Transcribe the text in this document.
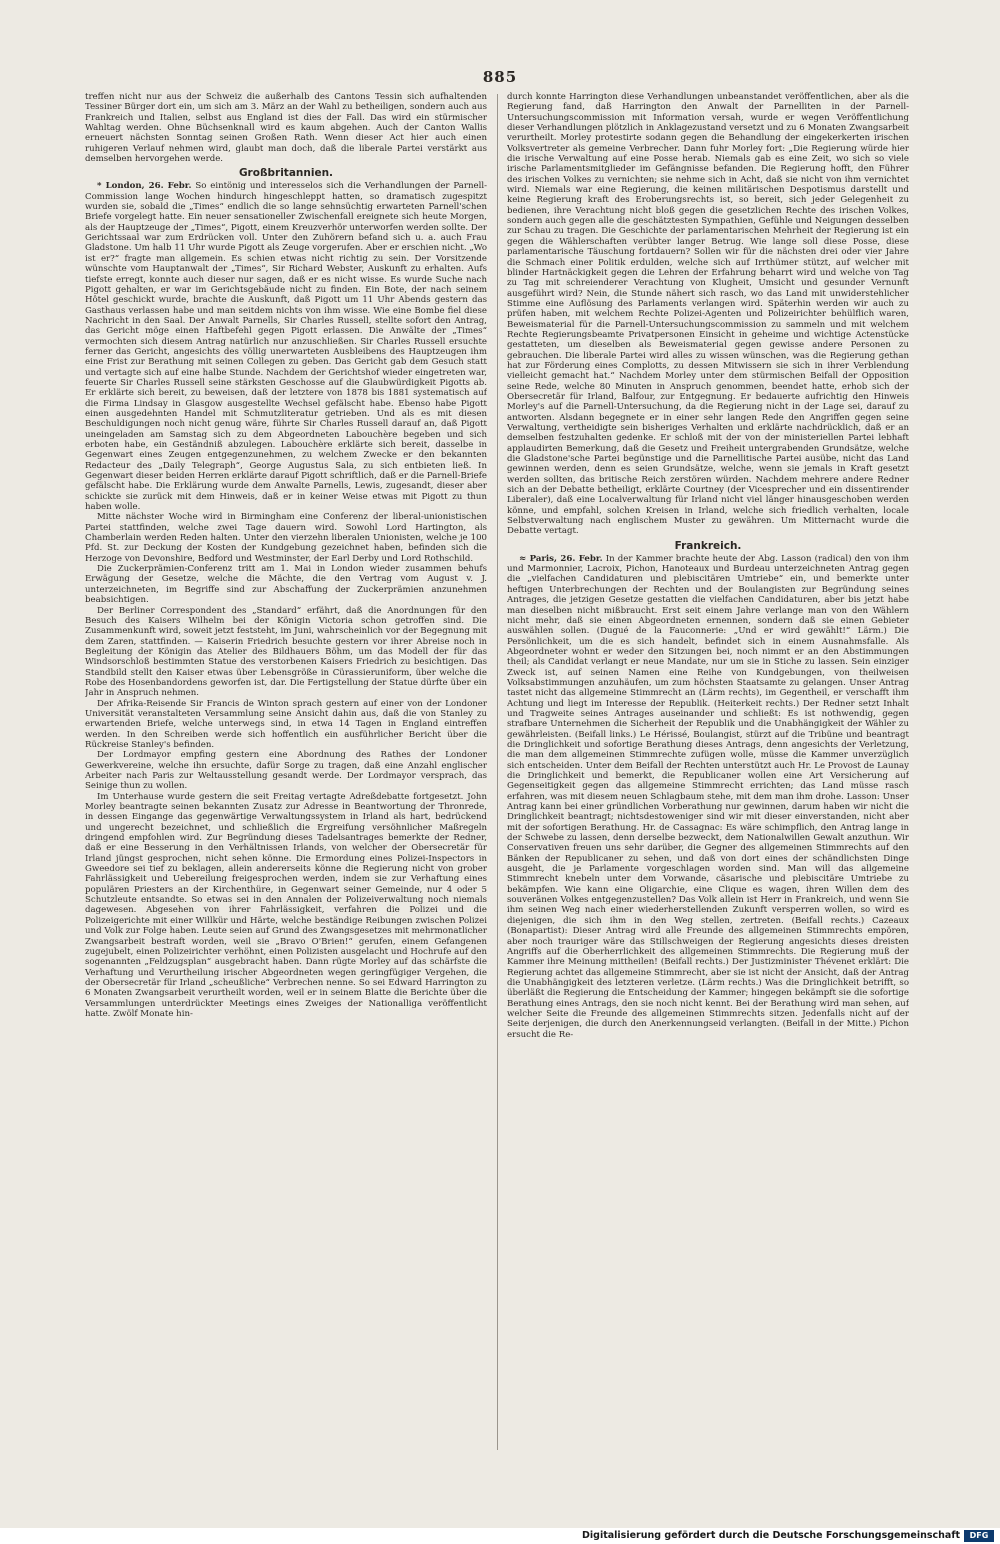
885

treffen nicht nur aus der Schweiz die außerhalb des Cantons Tessin sich aufhaltenden Tessiner Bürger dort ein, um sich am 3. März an der Wahl zu betheiligen, sondern auch aus Frankreich und Italien, selbst aus England ist dies der Fall. Das wird ein stürmischer Wahltag werden. Ohne Büchsenknall wird es kaum abgehen. Auch der Canton Wallis erneuert nächsten Sonntag seinen Großen Rath. Wenn dieser Act hier auch einen ruhigeren Verlauf nehmen wird, glaubt man doch, daß die liberale Partei verstärkt aus demselben hervorgehen werde.

Großbritannien.

* London, 26. Febr. So eintönig und interesselos sich die Verhandlungen der Parnell-Commission lange Wochen hindurch hingeschleppt hatten, so dramatisch zugespitzt wurden sie, sobald die „Times“ endlich die so lange sehnsüchtig erwarteten Parnell'schen Briefe vorgelegt hatte. Ein neuer sensationeller Zwischenfall ereignete sich heute Morgen, als der Hauptzeuge der „Times“, Pigott, einem Kreuzverhör unterworfen werden sollte. Der Gerichtssaal war zum Erdrücken voll. Unter den Zuhörern befand sich u. a. auch Frau Gladstone. Um halb 11 Uhr wurde Pigott als Zeuge vorgerufen. Aber er erschien nicht. „Wo ist er?“ fragte man allgemein. Es schien etwas nicht richtig zu sein. Der Vorsitzende wünschte vom Hauptanwalt der „Times“, Sir Richard Webster, Auskunft zu erhalten. Aufs tiefste erregt, konnte auch dieser nur sagen, daß er es nicht wisse. Es wurde Suche nach Pigott gehalten, er war im Gerichtsgebäude nicht zu finden. Ein Bote, der nach seinem Hôtel geschickt wurde, brachte die Auskunft, daß Pigott um 11 Uhr Abends gestern das Gasthaus verlassen habe und man seitdem nichts von ihm wisse. Wie eine Bombe fiel diese Nachricht in den Saal. Der Anwalt Parnells, Sir Charles Russell, stellte sofort den Antrag, das Gericht möge einen Haftbefehl gegen Pigott erlassen. Die Anwälte der „Times“ vermochten sich diesem Antrag natürlich nur anzuschließen. Sir Charles Russell ersuchte ferner das Gericht, angesichts des völlig unerwarteten Ausbleibens des Hauptzeugen ihm eine Frist zur Berathung mit seinen Collegen zu geben. Das Gericht gab dem Gesuch statt und vertagte sich auf eine halbe Stunde. Nachdem der Gerichtshof wieder eingetreten war, feuerte Sir Charles Russell seine stärksten Geschosse auf die Glaubwürdigkeit Pigotts ab. Er erklärte sich bereit, zu beweisen, daß der letztere von 1878 bis 1881 systematisch auf die Firma Lindsay in Glasgow ausgestellte Wechsel gefälscht habe. Ebenso habe Pigott einen ausgedehnten Handel mit Schmutzliteratur getrieben. Und als es mit diesen Beschuldigungen noch nicht genug wäre, führte Sir Charles Russell darauf an, daß Pigott uneingeladen am Samstag sich zu dem Abgeordneten Labouchère begeben und sich erboten habe, ein Geständniß abzulegen. Labouchère erklärte sich bereit, dasselbe in Gegenwart eines Zeugen entgegenzunehmen, zu welchem Zwecke er den bekannten Redacteur des „Daily Telegraph“, George Augustus Sala, zu sich entbieten ließ. In Gegenwart dieser beiden Herren erklärte darauf Pigott schriftlich, daß er die Parnell-Briefe gefälscht habe. Die Erklärung wurde dem Anwalte Parnells, Lewis, zugesandt, dieser aber schickte sie zurück mit dem Hinweis, daß er in keiner Weise etwas mit Pigott zu thun haben wolle.

Mitte nächster Woche wird in Birmingham eine Conferenz der liberal-unionistischen Partei stattfinden, welche zwei Tage dauern wird. Sowohl Lord Hartington, als Chamberlain werden Reden halten. Unter den vierzehn liberalen Unionisten, welche je 100 Pfd. St. zur Deckung der Kosten der Kundgebung gezeichnet haben, befinden sich die Herzoge von Devonshire, Bedford und Westminster, der Earl Derby und Lord Rothschild.

Die Zuckerprämien-Conferenz tritt am 1. Mai in London wieder zusammen behufs Erwägung der Gesetze, welche die Mächte, die den Vertrag vom August v. J. unterzeichneten, im Begriffe sind zur Abschaffung der Zuckerprämien anzunehmen beabsichtigen.

Der Berliner Correspondent des „Standard“ erfährt, daß die Anordnungen für den Besuch des Kaisers Wilhelm bei der Königin Victoria schon getroffen sind. Die Zusammenkunft wird, soweit jetzt feststeht, im Juni, wahrscheinlich vor der Begegnung mit dem Zaren, stattfinden. — Kaiserin Friedrich besuchte gestern vor ihrer Abreise noch in Begleitung der Königin das Atelier des Bildhauers Böhm, um das Modell der für das Windsorschloß bestimmten Statue des verstorbenen Kaisers Friedrich zu besichtigen. Das Standbild stellt den Kaiser etwas über Lebensgröße in Cürassieruniform, über welche die Robe des Hosenbandordens geworfen ist, dar. Die Fertigstellung der Statue dürfte über ein Jahr in Anspruch nehmen.

Der Afrika-Reisende Sir Francis de Winton sprach gestern auf einer von der Londoner Universität veranstalteten Versammlung seine Ansicht dahin aus, daß die von Stanley zu erwartenden Briefe, welche unterwegs sind, in etwa 14 Tagen in England eintreffen werden. In den Schreiben werde sich hoffentlich ein ausführlicher Bericht über die Rückreise Stanley's befinden.

Der Lordmayor empfing gestern eine Abordnung des Rathes der Londoner Gewerkvereine, welche ihn ersuchte, dafür Sorge zu tragen, daß eine Anzahl englischer Arbeiter nach Paris zur Weltausstellung gesandt werde. Der Lordmayor versprach, das Seinige thun zu wollen.

Im Unterhause wurde gestern die seit Freitag vertagte Adreßdebatte fortgesetzt. John Morley beantragte seinen bekannten Zusatz zur Adresse in Beantwortung der Thronrede, in dessen Eingange das gegenwärtige Verwaltungssystem in Irland als hart, bedrückend und ungerecht bezeichnet, und schließlich die Ergreifung versöhnlicher Maßregeln dringend empfohlen wird. Zur Begründung dieses Tadelsantrages bemerkte der Redner, daß er eine Besserung in den Verhältnissen Irlands, von welcher der Obersecretär für Irland jüngst gesprochen, nicht sehen könne. Die Ermordung eines Polizei-Inspectors in Gweedore sei tief zu beklagen, allein andererseits könne die Regierung nicht von grober Fahrlässigkeit und Uebereilung freigesprochen werden, indem sie zur Verhaftung eines populären Priesters an der Kirchenthüre, in Gegenwart seiner Gemeinde, nur 4 oder 5 Schutzleute entsandte. So etwas sei in den Annalen der Polizeiverwaltung noch niemals dagewesen. Abgesehen von ihrer Fahrlässigkeit, verfahren die Polizei und die Polizeigerichte mit einer Willkür und Härte, welche beständige Reibungen zwischen Polizei und Volk zur Folge haben. Leute seien auf Grund des Zwangsgesetzes mit mehrmonatlicher Zwangsarbeit bestraft worden, weil sie „Bravo O'Brien!“ gerufen, einem Gefangenen zugejubelt, einen Polizeirichter verhöhnt, einen Polizisten ausgelacht und Hochrufe auf den sogenannten „Feldzugsplan“ ausgebracht haben. Dann rügte Morley auf das schärfste die Verhaftung und Verurtheilung irischer Abgeordneten wegen geringfügiger Vergehen, die der Obersecretär für Irland „scheußliche“ Verbrechen nenne. So sei Edward Harrington zu 6 Monaten Zwangsarbeit verurtheilt worden, weil er in seinem Blatte die Berichte über die Versammlungen unterdrückter Meetings eines Zweiges der Nationalliga veröffentlicht hatte. Zwölf Monate hin-

durch konnte Harrington diese Verhandlungen unbeanstandet veröffentlichen, aber als die Regierung fand, daß Harrington den Anwalt der Parnelliten in der Parnell-Untersuchungscommission mit Information versah, wurde er wegen Veröffentlichung dieser Verhandlungen plötzlich in Anklagezustand versetzt und zu 6 Monaten Zwangsarbeit verurtheilt. Morley protestirte sodann gegen die Behandlung der eingekerkerten irischen Volksvertreter als gemeine Verbrecher. Dann fuhr Morley fort: „Die Regierung würde hier die irische Verwaltung auf eine Posse herab. Niemals gab es eine Zeit, wo sich so viele irische Parlamentsmitglieder im Gefängnisse befanden. Die Regierung hofft, den Führer des irischen Volkes zu vernichten; sie nehme sich in Acht, daß sie nicht von ihm vernichtet wird. Niemals war eine Regierung, die keinen militärischen Despotismus darstellt und keine Regierung kraft des Eroberungsrechts ist, so bereit, sich jeder Gelegenheit zu bedienen, ihre Verachtung nicht bloß gegen die gesetzlichen Rechte des irischen Volkes, sondern auch gegen alle die geschätztesten Sympathien, Gefühle und Neigungen desselben zur Schau zu tragen. Die Geschichte der parlamentarischen Mehrheit der Regierung ist ein gegen die Wählerschaften verübter langer Betrug. Wie lange soll diese Posse, diese parlamentarische Täuschung fortdauern? Sollen wir für die nächsten drei oder vier Jahre die Schmach einer Politik erdulden, welche sich auf Irrthümer stützt, auf welcher mit blinder Hartnäckigkeit gegen die Lehren der Erfahrung beharrt wird und welche von Tag zu Tag mit schreienderer Verachtung von Klugheit, Umsicht und gesunder Vernunft ausgeführt wird? Nein, die Stunde nähert sich rasch, wo das Land mit unwiderstehlicher Stimme eine Auflösung des Parlaments verlangen wird. Späterhin werden wir auch zu prüfen haben, mit welchem Rechte Polizei-Agenten und Polizeirichter behülflich waren, Beweismaterial für die Parnell-Untersuchungscommission zu sammeln und mit welchem Rechte Regierungsbeamte Privatpersonen Einsicht in geheime und wichtige Actenstücke gestatteten, um dieselben als Beweismaterial gegen gewisse andere Personen zu gebrauchen. Die liberale Partei wird alles zu wissen wünschen, was die Regierung gethan hat zur Förderung eines Complotts, zu dessen Mitwissern sie sich in ihrer Verblendung vielleicht gemacht hat.“ Nachdem Morley unter dem stürmischen Beifall der Opposition seine Rede, welche 80 Minuten in Anspruch genommen, beendet hatte, erhob sich der Obersecretär für Irland, Balfour, zur Entgegnung. Er bedauerte aufrichtig den Hinweis Morley's auf die Parnell-Untersuchung, da die Regierung nicht in der Lage sei, darauf zu antworten. Alsdann begegnete er in einer sehr langen Rede den Angriffen gegen seine Verwaltung, vertheidigte sein bisheriges Verhalten und erklärte nachdrücklich, daß er an demselben festzuhalten gedenke. Er schloß mit der von der ministeriellen Partei lebhaft applaudirten Bemerkung, daß die Gesetz und Freiheit untergrabenden Grundsätze, welche die Gladstone'sche Partei begünstige und die Parnellitische Partei ausübe, nicht das Land gewinnen werden, denn es seien Grundsätze, welche, wenn sie jemals in Kraft gesetzt werden sollten, das britische Reich zerstören würden. Nachdem mehrere andere Redner sich an der Debatte betheiligt, erklärte Courtney (der Vicesprecher und ein dissentirender Liberaler), daß eine Localverwaltung für Irland nicht viel länger hinausgeschoben werden könne, und empfahl, solchen Kreisen in Irland, welche sich friedlich verhalten, locale Selbstverwaltung nach englischem Muster zu gewähren. Um Mitternacht wurde die Debatte vertagt.

Frankreich.

≈ Paris, 26. Febr. In der Kammer brachte heute der Abg. Lasson (radical) den von ihm und Marmonnier, Lacroix, Pichon, Hanoteaux und Burdeau unterzeichneten Antrag gegen die „vielfachen Candidaturen und plebiscitären Umtriebe“ ein, und bemerkte unter heftigen Unterbrechungen der Rechten und der Boulangisten zur Begründung seines Antrages, die jetzigen Gesetze gestatten die vielfachen Candidaturen, aber bis jetzt habe man dieselben nicht mißbraucht. Erst seit einem Jahre verlange man von den Wählern nicht mehr, daß sie einen Abgeordneten ernennen, sondern daß sie einen Gebieter auswählen sollen. (Dugué de la Fauconnerie: „Und er wird gewählt!“ Lärm.) Die Persönlichkeit, um die es sich handelt, befindet sich in einem Ausnahmsfalle. Als Abgeordneter wohnt er weder den Sitzungen bei, noch nimmt er an den Abstimmungen theil; als Candidat verlangt er neue Mandate, nur um sie in Stiche zu lassen. Sein einziger Zweck ist, auf seinen Namen eine Reihe von Kundgebungen, von theilweisen Volksabstimmungen anzuhäufen, um zum höchsten Staatsamte zu gelangen. Unser Antrag tastet nicht das allgemeine Stimmrecht an (Lärm rechts), im Gegentheil, er verschafft ihm Achtung und liegt im Interesse der Republik. (Heiterkeit rechts.) Der Redner setzt Inhalt und Tragweite seines Antrages auseinander und schließt: Es ist nothwendig, gegen strafbare Unternehmen die Sicherheit der Republik und die Unabhängigkeit der Wähler zu gewährleisten. (Beifall links.) Le Hérissé, Boulangist, stürzt auf die Tribüne und beantragt die Dringlichkeit und sofortige Berathung dieses Antrags, denn angesichts der Verletzung, die man dem allgemeinen Stimmrechte zufügen wolle, müsse die Kammer unverzüglich sich entscheiden. Unter dem Beifall der Rechten unterstützt auch Hr. Le Provost de Launay die Dringlichkeit und bemerkt, die Republicaner wollen eine Art Versicherung auf Gegenseitigkeit gegen das allgemeine Stimmrecht errichten; das Land müsse rasch erfahren, was mit diesem neuen Schlagbaum stehe, mit dem man ihm drohe. Lasson: Unser Antrag kann bei einer gründlichen Vorberathung nur gewinnen, darum haben wir nicht die Dringlichkeit beantragt; nichtsdestoweniger sind wir mit dieser einverstanden, nicht aber mit der sofortigen Berathung. Hr. de Cassagnac: Es wäre schimpflich, den Antrag lange in der Schwebe zu lassen, denn derselbe bezweckt, dem Nationalwillen Gewalt anzuthun. Wir Conservativen freuen uns sehr darüber, die Gegner des allgemeinen Stimmrechts auf den Bänken der Republicaner zu sehen, und daß von dort eines der schändlichsten Dinge ausgeht, die je Parlamente vorgeschlagen worden sind. Man will das allgemeine Stimmrecht knebeln unter dem Vorwande, cäsarische und plebiscitäre Umtriebe zu bekämpfen. Wie kann eine Oligarchie, eine Clique es wagen, ihren Willen dem des souveränen Volkes entgegenzustellen? Das Volk allein ist Herr in Frankreich, und wenn Sie ihm seinen Weg nach einer wiederherstellenden Zukunft versperren wollen, so wird es diejenigen, die sich ihm in den Weg stellen, zertreten. (Beifall rechts.) Cazeaux (Bonapartist): Dieser Antrag wird alle Freunde des allgemeinen Stimmrechts empören, aber noch trauriger wäre das Stillschweigen der Regierung angesichts dieses dreisten Angriffs auf die Oberherrlichkeit des allgemeinen Stimmrechts. Die Regierung muß der Kammer ihre Meinung mittheilen! (Beifall rechts.) Der Justizminister Thévenet erklärt: Die Regierung achtet das allgemeine Stimmrecht, aber sie ist nicht der Ansicht, daß der Antrag die Unabhängigkeit des letzteren verletze. (Lärm rechts.) Was die Dringlichkeit betrifft, so überläßt die Regierung die Entscheidung der Kammer; hingegen bekämpft sie die sofortige Berathung eines Antrags, den sie noch nicht kennt. Bei der Berathung wird man sehen, auf welcher Seite die Freunde des allgemeinen Stimmrechts sitzen. Jedenfalls nicht auf der Seite derjenigen, die durch den Anerkennungseid verlangten. (Beifall in der Mitte.) Pichon ersucht die Re-

Digitalisierung gefördert durch die Deutsche Forschungsgemeinschaft	DFG
